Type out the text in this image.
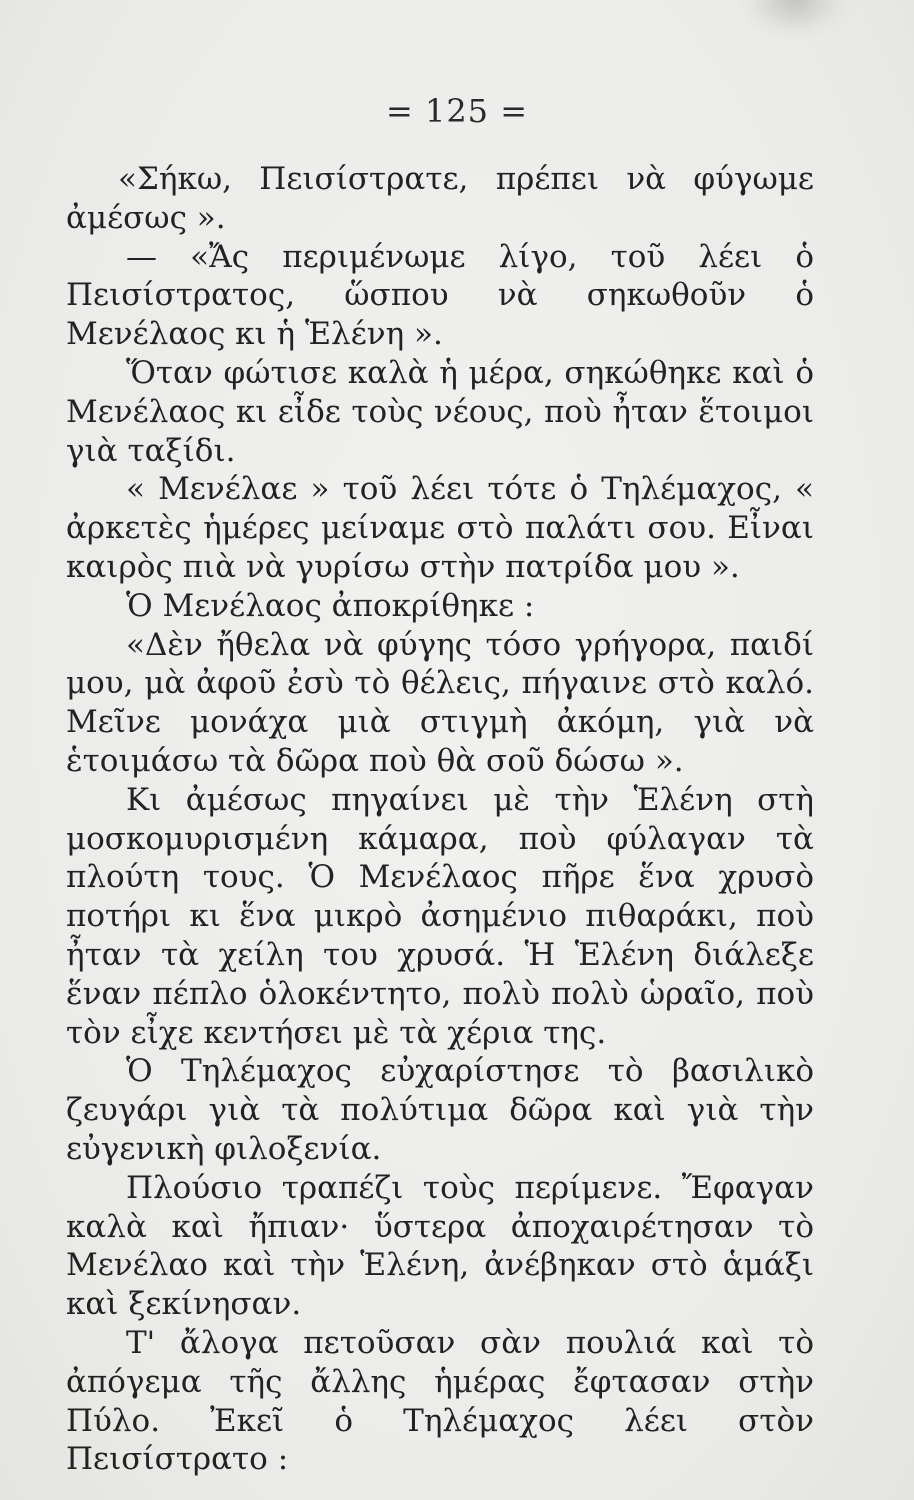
= 125 =

«Σήκω, Πεισίστρατε, πρέπει νὰ φύγωμε ἀμέσως ».

— «Ἄς περιμένωμε λίγο, τοῦ λέει ὁ Πεισίστρατος, ὥσπου νὰ σηκωθοῦν ὁ Μενέλαος κι ἡ Ἑλένη ».

Ὅταν φώτισε καλὰ ἡ μέρα, σηκώθηκε καὶ ὁ Μενέλαος κι εἶδε τοὺς νέους, ποὺ ἦταν ἕτοιμοι γιὰ ταξίδι.

« Μενέλαε » τοῦ λέει τότε ὁ Τηλέμαχος, « ἀρκετὲς ἡμέρες μείναμε στὸ παλάτι σου. Εἶναι καιρὸς πιὰ νὰ γυρίσω στὴν πατρίδα μου ».

Ὁ Μενέλαος ἀποκρίθηκε :

«Δὲν ἤθελα νὰ φύγης τόσο γρήγορα, παιδί μου, μὰ ἀφοῦ ἐσὺ τὸ θέλεις, πήγαινε στὸ καλό. Μεῖνε μονάχα μιὰ στιγμὴ ἀκόμη, γιὰ νὰ ἑτοιμάσω τὰ δῶρα ποὺ θὰ σοῦ δώσω ».

Κι ἀμέσως πηγαίνει μὲ τὴν Ἑλένη στὴ μοσκομυρισμένη κάμαρα, ποὺ φύλαγαν τὰ πλούτη τους. Ὁ Μενέλαος πῆρε ἕνα χρυσὸ ποτήρι κι ἕνα μικρὸ ἀσημένιο πιθαράκι, ποὺ ἦταν τὰ χείλη του χρυσά. Ἡ Ἑλένη διάλεξε ἕναν πέπλο ὁλοκέντητο, πολὺ πολὺ ὡραῖο, ποὺ τὸν εἶχε κεντήσει μὲ τὰ χέρια της.

Ὁ Τηλέμαχος εὐχαρίστησε τὸ βασιλικὸ ζευγάρι γιὰ τὰ πολύτιμα δῶρα καὶ γιὰ τὴν εὐγενικὴ φιλοξενία.

Πλούσιο τραπέζι τοὺς περίμενε. Ἔφαγαν καλὰ καὶ ἤπιαν· ὕστερα ἀποχαιρέτησαν τὸ Μενέλαο καὶ τὴν Ἑλένη, ἀνέβηκαν στὸ ἁμάξι καὶ ξεκίνησαν.

Τ' ἄλογα πετοῦσαν σὰν πουλιά καὶ τὸ ἀπόγεμα τῆς ἄλλης ἡμέρας ἔφτασαν στὴν Πύλο. Ἐκεῖ ὁ Τηλέμαχος λέει στὸν Πεισίστρατο :
